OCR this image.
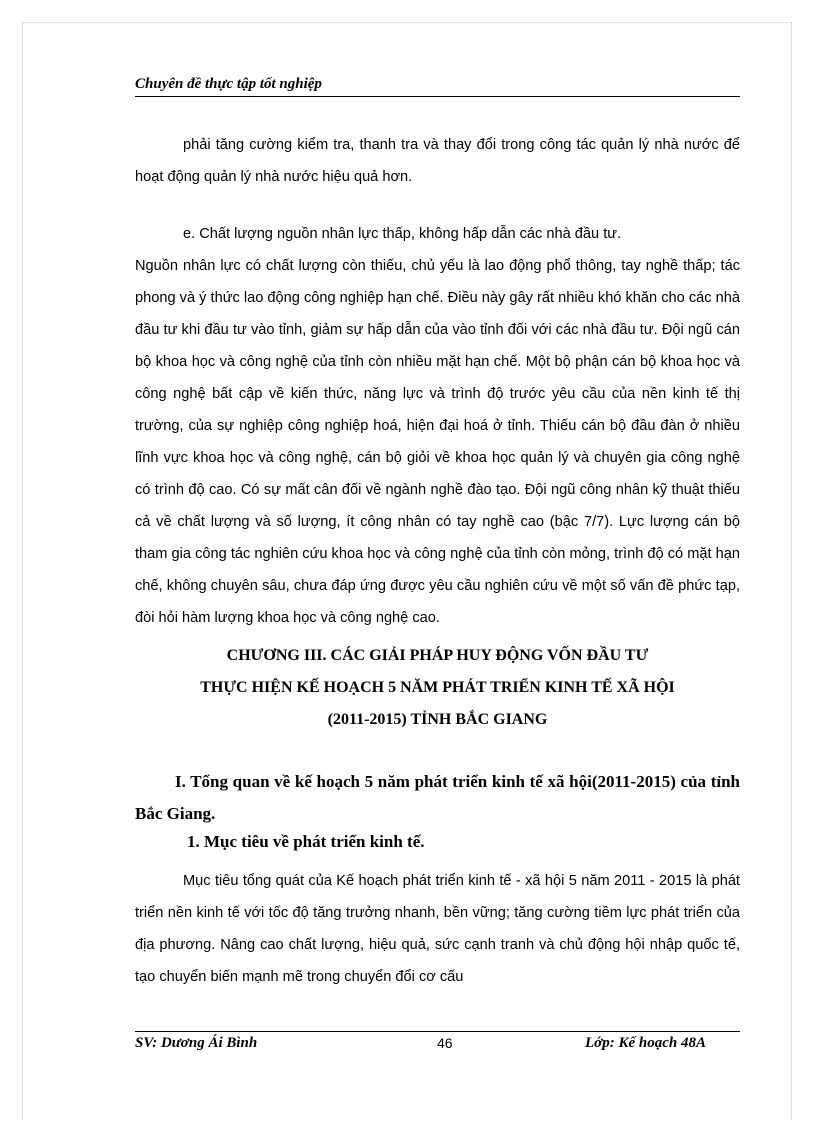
Chuyên đề thực tập tốt nghiệp
phải tăng cường kiểm tra, thanh tra và thay đổi trong công tác quản lý nhà nước để hoạt động quản lý nhà nước hiệu quả hơn.

e. Chất lượng nguồn nhân lực thấp, không hấp dẫn các nhà đầu tư.

Nguồn nhân lực có chất lượng còn thiếu, chủ yếu là lao động phổ thông, tay nghề thấp; tác phong và ý thức lao động công nghiệp hạn chế. Điều này gây rất nhiều khó khăn cho các nhà đầu tư khi đầu tư vào tỉnh, giảm sự hấp dẫn của vào tỉnh đối với các nhà đầu tư. Đội ngũ cán bộ khoa học và công nghệ của tỉnh còn nhiều mặt hạn chế. Một bộ phận cán bộ khoa học và công nghệ bất cập về kiến thức, năng lực và trình độ trước yêu cầu của nền kinh tế thị trường, của sự nghiệp công nghiệp hoá, hiện đại hoá ở tỉnh. Thiếu cán bộ đầu đàn ở nhiều lĩnh vực khoa học và công nghệ, cán bộ giỏi về khoa học quản lý và chuyên gia công nghệ có trình độ cao. Có sự mất cân đối về ngành nghề đào tạo. Đội ngũ công nhân kỹ thuật thiếu cả về chất lượng và số lượng, ít công nhân có tay nghề cao (bậc 7/7). Lực lượng cán bộ tham gia công tác nghiên cứu khoa học và công nghệ của tỉnh còn mỏng, trình độ có mặt hạn chế, không chuyên sâu, chưa đáp ứng được yêu cầu nghiên cứu về một số vấn đề phức tạp, đòi hỏi hàm lượng khoa học và công nghệ cao.

CHƯƠNG III. CÁC GIẢI PHÁP HUY ĐỘNG VỐN ĐẦU TƯ
THỰC HIỆN KẾ HOẠCH 5 NĂM PHÁT TRIỂN KINH TẾ XÃ HỘI
(2011-2015) TỈNH BẮC GIANG
I. Tổng quan về kế hoạch 5 năm phát triển kinh tế xã hội(2011-2015) của tỉnh Bắc Giang.
1. Mục tiêu về phát triển kinh tế.
Mục tiêu tổng quát của Kế hoạch phát triển kinh tế - xã hội 5 năm 2011 - 2015 là phát triển nền kinh tế với tốc độ tăng trưởng nhanh, bền vững; tăng cường tiềm lực phát triển của địa phương. Nâng cao chất lượng, hiệu quả, sức cạnh tranh và chủ động hội nhập quốc tế, tạo chuyển biến mạnh mẽ trong chuyển đổi cơ cấu
SV: Dương Ái Bình	46	Lớp: Kế hoạch 48A
